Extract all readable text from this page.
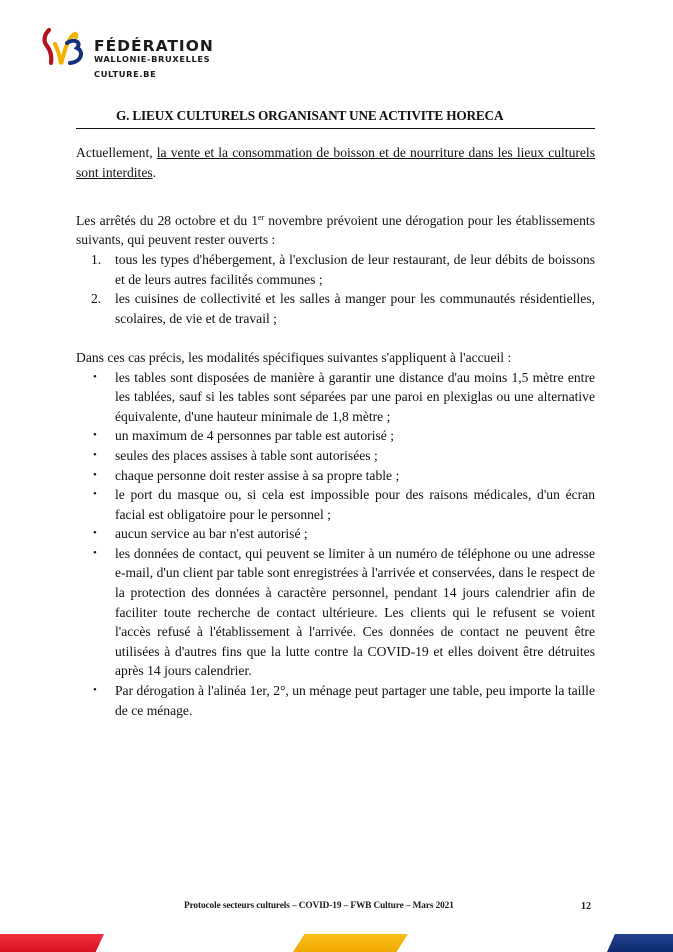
FÉDÉRATION
WALLONIE-BRUXELLES
CULTURE.BE
G. LIEUX CULTURELS ORGANISANT UNE ACTIVITE HORECA

Actuellement, la vente et la consommation de boisson et de nourriture dans les lieux culturels sont interdites.

Les arrêtés du 28 octobre et du 1er novembre prévoient une dérogation pour les établissements suivants, qui peuvent rester ouverts :

1. tous les types d'hébergement, à l'exclusion de leur restaurant, de leur débits de boissons et de leurs autres facilités communes ;
2. les cuisines de collectivité et les salles à manger pour les communautés résidentielles, scolaires, de vie et de travail ;

Dans ces cas précis, les modalités spécifiques suivantes s'appliquent à l'accueil :

• les tables sont disposées de manière à garantir une distance d'au moins 1,5 mètre entre les tablées, sauf si les tables sont séparées par une paroi en plexiglas ou une alternative équivalente, d'une hauteur minimale de 1,8 mètre ;
• un maximum de 4 personnes par table est autorisé ;
• seules des places assises à table sont autorisées ;
• chaque personne doit rester assise à sa propre table ;
• le port du masque ou, si cela est impossible pour des raisons médicales, d'un écran facial est obligatoire pour le personnel ;
• aucun service au bar n'est autorisé ;
• les données de contact, qui peuvent se limiter à un numéro de téléphone ou une adresse e-mail, d'un client par table sont enregistrées à l'arrivée et conservées, dans le respect de la protection des données à caractère personnel, pendant 14 jours calendrier afin de faciliter toute recherche de contact ultérieure. Les clients qui le refusent se voient l'accès refusé à l'établissement à l'arrivée. Ces données de contact ne peuvent être utilisées à d'autres fins que la lutte contre la COVID-19 et elles doivent être détruites après 14 jours calendrier.
• Par dérogation à l'alinéa 1er, 2°, un ménage peut partager une table, peu importe la taille de ce ménage.
Protocole secteurs culturels – COVID-19 – FWB Culture – Mars 2021	12
